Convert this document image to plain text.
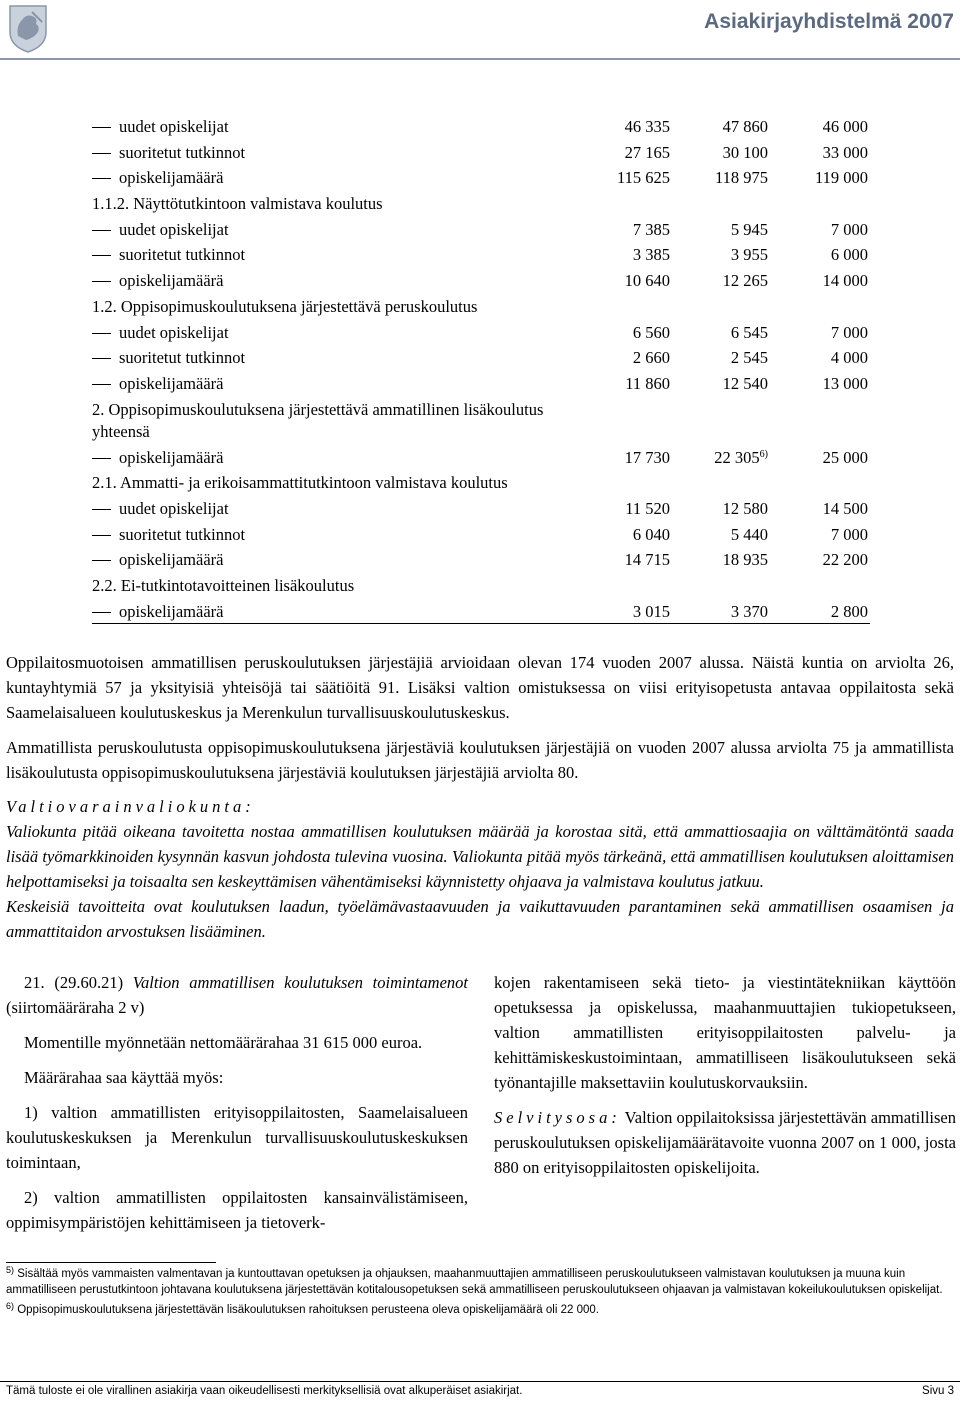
Asiakirjayhdistelmä 2007
uudet opiskelijat	46 335	47 860	46 000
suoritetut tutkinnot	27 165	30 100	33 000
opiskelijamäärä	115 625	118 975	119 000
1.1.2. Näyttötutkintoon valmistava koulutus
uudet opiskelijat	7 385	5 945	7 000
suoritetut tutkinnot	3 385	3 955	6 000
opiskelijamäärä	10 640	12 265	14 000
1.2. Oppisopimuskoulutuksena järjestettävä peruskoulutus
uudet opiskelijat	6 560	6 545	7 000
suoritetut tutkinnot	2 660	2 545	4 000
opiskelijamäärä	11 860	12 540	13 000
2. Oppisopimuskoulutuksena järjestettävä ammatillinen lisäkoulutus yhteensä
opiskelijamäärä	17 730	22 305$^{6)}$	25 000
2.1. Ammatti- ja erikoisammattitutkintoon valmistava koulutus
uudet opiskelijat	11 520	12 580	14 500
suoritetut tutkinnot	6 040	5 440	7 000
opiskelijamäärä	14 715	18 935	22 200
2.2. Ei-tutkintotavoitteinen lisäkoulutus
opiskelijamäärä	3 015	3 370	2 800
Oppilaitosmuotoisen ammatillisen peruskoulutuksen järjestäjiä arvioidaan olevan 174 vuoden 2007 alussa. Näistä kuntia on arviolta 26, kuntayhtymiä 57 ja yksityisiä yhteisöjä tai säätiöitä 91. Lisäksi valtion omistuksessa on viisi erityisopetusta antavaa oppilaitosta sekä Saamelaisalueen koulutuskeskus ja Merenkulun turvallisuuskoulutuskeskus.
Ammatillista peruskoulutusta oppisopimuskoulutuksena järjestäviä koulutuksen järjestäjiä on vuoden 2007 alussa arviolta 75 ja ammatillista lisäkoulutusta oppisopimuskoulutuksena järjestäviä koulutuksen järjestäjiä arviolta 80.
Valtiovarainvaliokunta:
Valiokunta pitää oikeana tavoitetta nostaa ammatillisen koulutuksen määrää ja korostaa sitä, että ammattiosaajia on välttämätöntä saada lisää työmarkkinoiden kysynnän kasvun johdosta tulevina vuosina. Valiokunta pitää myös tärkeänä, että ammatillisen koulutuksen aloittamisen helpottamiseksi ja toisaalta sen keskeyttämisen vähentämiseksi käynnistetty ohjaava ja valmistava koulutus jatkuu.
Keskeisiä tavoitteita ovat koulutuksen laadun, työelämävastaavuuden ja vaikuttavuuden parantaminen sekä ammatillisen osaamisen ja ammattitaidon arvostuksen lisääminen.

21. (29.60.21) Valtion ammatillisen koulutuksen toimintamenot (siirtomääräraha 2 v)

Momentille myönnetään nettomäärärahaa 31 615 000 euroa.

Määrärahaa saa käyttää myös:

1) valtion ammatillisten erityisoppilaitosten, Saamelaisalueen koulutuskeskuksen ja Merenkulun turvallisuuskoulutuskeskuksen toimintaan,

2) valtion ammatillisten oppilaitosten kansainvälistämiseen, oppimisympäristöjen kehittämiseen ja tietoverk-

kojen rakentamiseen sekä tieto- ja viestintätekniikan käyttöön opetuksessa ja opiskelussa, maahanmuuttajien tukiopetukseen, valtion ammatillisten erityisoppilaitosten palvelu- ja kehittämiskeskustoimintaan, ammatilliseen lisäkoulutukseen sekä työnantajille maksettaviin koulutuskorvauksiin.

Selvitysosa: Valtion oppilaitoksissa järjestettävän ammatillisen peruskoulutuksen opiskelijamäärätavoite vuonna 2007 on 1 000, josta 880 on erityisoppilaitosten opiskelijoita.

$^{5)}$ Sisältää myös vammaisten valmentavan ja kuntouttavan opetuksen ja ohjauksen, maahanmuuttajien ammatilliseen peruskoulutukseen valmistavan koulutuksen ja muuna kuin ammatilliseen perustutkintoon johtavana koulutuksena järjestettävän kotitalousopetuksen sekä ammatilliseen peruskoulutukseen ohjaavan ja valmistavan kokeilukoulutuksen opiskelijat.

$^{6)}$ Oppisopimuskoulutuksena järjestettävän lisäkoulutuksen rahoituksen perusteena oleva opiskelijamäärä oli 22 000.

Tämä tuloste ei ole virallinen asiakirja vaan oikeudellisesti merkityksellisiä ovat alkuperäiset asiakirjat.	Sivu 3
